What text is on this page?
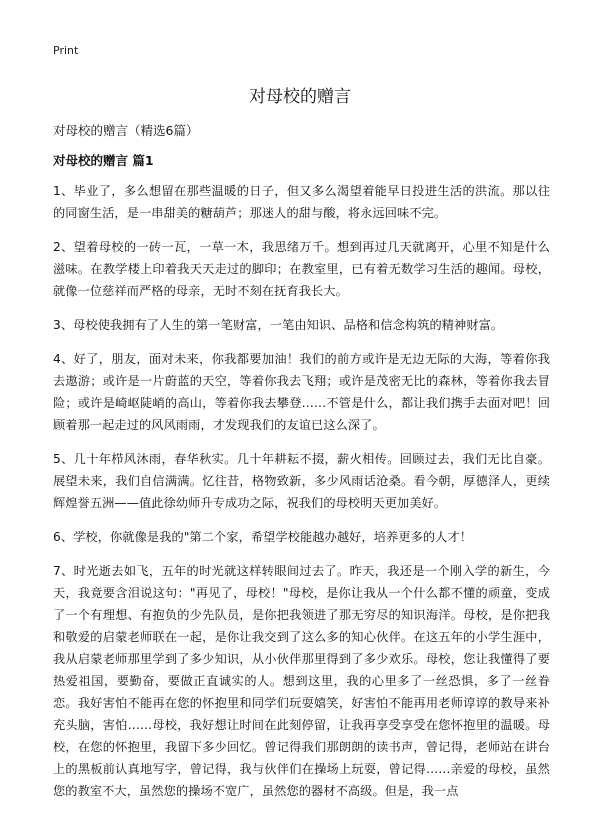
Print
对母校的赠言

对母校的赠言（精选6篇）

对母校的赠言 篇1

1、毕业了，多么想留在那些温暖的日子，但又多么渴望着能早日投进生活的洪流。那以往的同窗生活，是一串甜美的糖葫芦；那迷人的甜与酸，将永远回味不完。

2、望着母校的一砖一瓦，一草一木，我思绪万千。想到再过几天就离开，心里不知是什么滋味。在教学楼上印着我天天走过的脚印；在教室里，已有着无数学习生活的趣闻。母校，就像一位慈祥而严格的母亲，无时不刻在抚育我长大。

3、母校使我拥有了人生的第一笔财富，一笔由知识、品格和信念构筑的精神财富。

4、好了，朋友，面对未来，你我都要加油！我们的前方或许是无边无际的大海，等着你我去遨游；或许是一片蔚蓝的天空，等着你我去飞翔；或许是茂密无比的森林，等着你我去冒险；或许是崎岖陡峭的高山，等着你我去攀登……不管是什么，都让我们携手去面对吧！回顾着那一起走过的风风雨雨，才发现我们的友谊已这么深了。

5、几十年栉风沐雨，春华秋实。几十年耕耘不掇，薪火相传。回顾过去，我们无比自豪。展望未来，我们自信满满。忆往昔，格物致新，多少风雨话沧桑。看今朝，厚德泽人，更续辉煌誉五洲——值此徐幼师升专成功之际，祝我们的母校明天更加美好。

6、学校，你就像是我的"第二个家，希望学校能越办越好，培养更多的人才！

7、时光逝去如飞，五年的时光就这样转眼间过去了。昨天，我还是一个刚入学的新生，今天，我竟要含泪说这句："再见了，母校！"母校，是你让我从一个什么都不懂的顽童，变成了一个有理想、有抱负的少先队员，是你把我领进了那无穷尽的知识海洋。母校，是你把我和敬爱的启蒙老师联在一起，是你让我交到了这么多的知心伙伴。在这五年的小学生涯中，我从启蒙老师那里学到了多少知识，从小伙伴那里得到了多少欢乐。母校，您让我懂得了要热爱祖国，要勤奋，要做正直诚实的人。想到这里，我的心里多了一丝恐惧，多了一丝眷恋。我好害怕不能再在您的怀抱里和同学们玩耍嬉笑，好害怕不能再用老师谆谆的教导来补充头脑，害怕……母校，我好想让时间在此刻停留，让我再享受享受在您怀抱里的温暖。母校，在您的怀抱里，我留下多少回忆。曾记得我们那朗朗的读书声，曾记得，老师站在讲台上的黑板前认真地写字，曾记得，我与伙伴们在操场上玩耍，曾记得……亲爱的母校，虽然您的教室不大，虽然您的操场不宽广，虽然您的器材不高级。但是，我一点
